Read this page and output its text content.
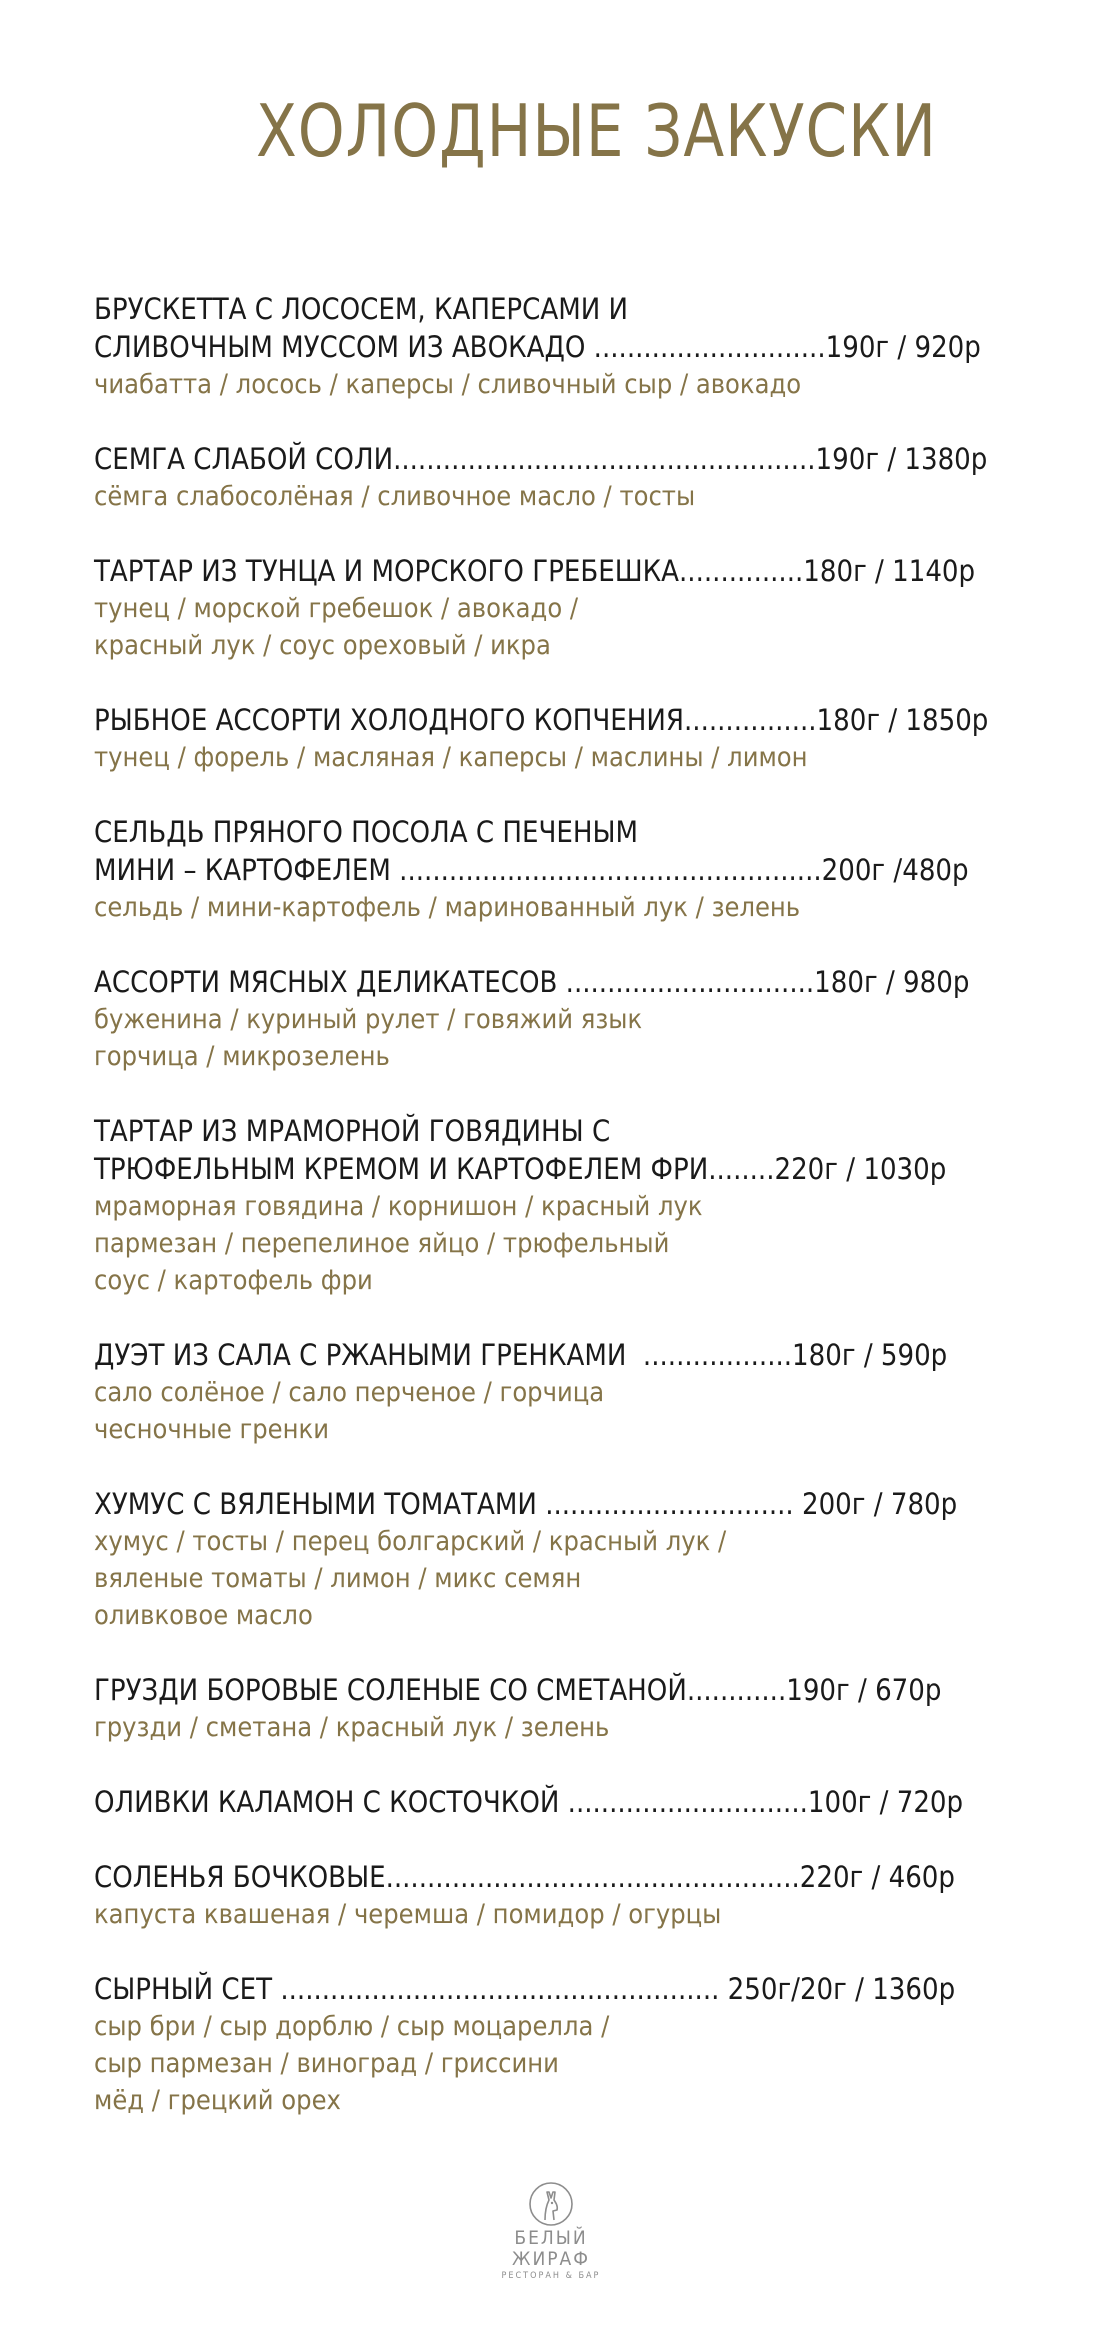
ХОЛОДНЫЕ ЗАКУСКИ
БРУСКЕТТА С ЛОСОСЕМ, КАПЕРСАМИ И
СЛИВОЧНЫМ МУССОМ ИЗ АВОКАДО ............................190г / 920р
чиабатта / лосось / каперсы / сливочный сыр / авокадо
СЕМГА СЛАБОЙ СОЛИ...................................................190г / 1380р
сёмга слабосолёная / сливочное масло / тосты
ТАРТАР ИЗ ТУНЦА И МОРСКОГО ГРЕБЕШКА...............180г / 1140р
тунец / морской гребешок / авокадо /
красный лук / соус ореховый / икра
РЫБНОЕ АССОРТИ ХОЛОДНОГО КОПЧЕНИЯ................180г / 1850р
тунец / форель / масляная / каперсы / маслины / лимон
СЕЛЬДЬ ПРЯНОГО ПОСОЛА С ПЕЧЕНЫМ
МИНИ – КАРТОФЕЛЕМ ...................................................200г /480р
сельдь / мини-картофель / маринованный лук / зелень
АССОРТИ МЯСНЫХ ДЕЛИКАТЕСОВ ..............................180г / 980р
буженина / куриный рулет / говяжий язык
горчица / микрозелень
ТАРТАР ИЗ МРАМОРНОЙ ГОВЯДИНЫ С
ТРЮФЕЛЬНЫМ КРЕМОМ И КАРТОФЕЛЕМ ФРИ........220г / 1030р
мраморная говядина / корнишон / красный лук
пармезан / перепелиное яйцо / трюфельный
соус / картофель фри
ДУЭТ ИЗ САЛА С РЖАНЫМИ ГРЕНКАМИ  ..................180г / 590р
сало солёное / сало перченое / горчица
чесночные гренки
ХУМУС С ВЯЛЕНЫМИ ТОМАТАМИ .............................. 200г / 780р
хумус / тосты / перец болгарский / красный лук /
вяленые томаты / лимон / микс семян
оливковое масло
ГРУЗДИ БОРОВЫЕ СОЛЕНЫЕ СО СМЕТАНОЙ............190г / 670р
грузди / сметана / красный лук / зелень
ОЛИВКИ КАЛАМОН С КОСТОЧКОЙ .............................100г / 720р
СОЛЕНЬЯ БОЧКОВЫЕ..................................................220г / 460р
капуста квашеная / черемша / помидор / огурцы
СЫРНЫЙ СЕТ ..................................................... 250г/20г / 1360р
сыр бри / сыр дорблю / сыр моцарелла /
сыр пармезан / виноград / гриссини
мёд / грецкий орех
БЕЛЫЙ
ЖИРАФ
РЕСТОРАН & БАР
